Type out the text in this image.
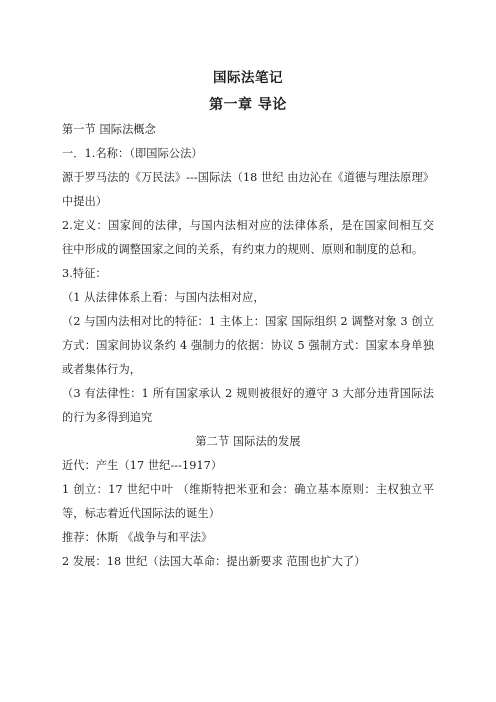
国际法笔记
第一章 导论

第一节 国际法概念

一．1.名称：（即国际公法）

源于罗马法的《万民法》---国际法（18 世纪 由边沁在《道德与理法原理》中提出）

2.定义：国家间的法律，与国内法相对应的法律体系，是在国家间相互交往中形成的调整国家之间的关系，有约束力的规则、原则和制度的总和。

3.特征：

（1 从法律体系上看：与国内法相对应，

（2 与国内法相对比的特征：1 主体上：国家 国际组织 2 调整对象 3 创立方式：国家间协议条约 4 强制力的依据：协议 5 强制方式：国家本身单独或者集体行为，

（3 有法律性：1 所有国家承认 2 规则被很好的遵守 3 大部分违背国际法的行为多得到追究

第二节 国际法的发展

近代：产生（17 世纪---1917）

1 创立：17 世纪中叶 （维斯特把米亚和会：确立基本原则：主权独立平等，标志着近代国际法的诞生）

推荐：休斯 《战争与和平法》

2 发展：18 世纪（法国大革命：提出新要求 范围也扩大了）
